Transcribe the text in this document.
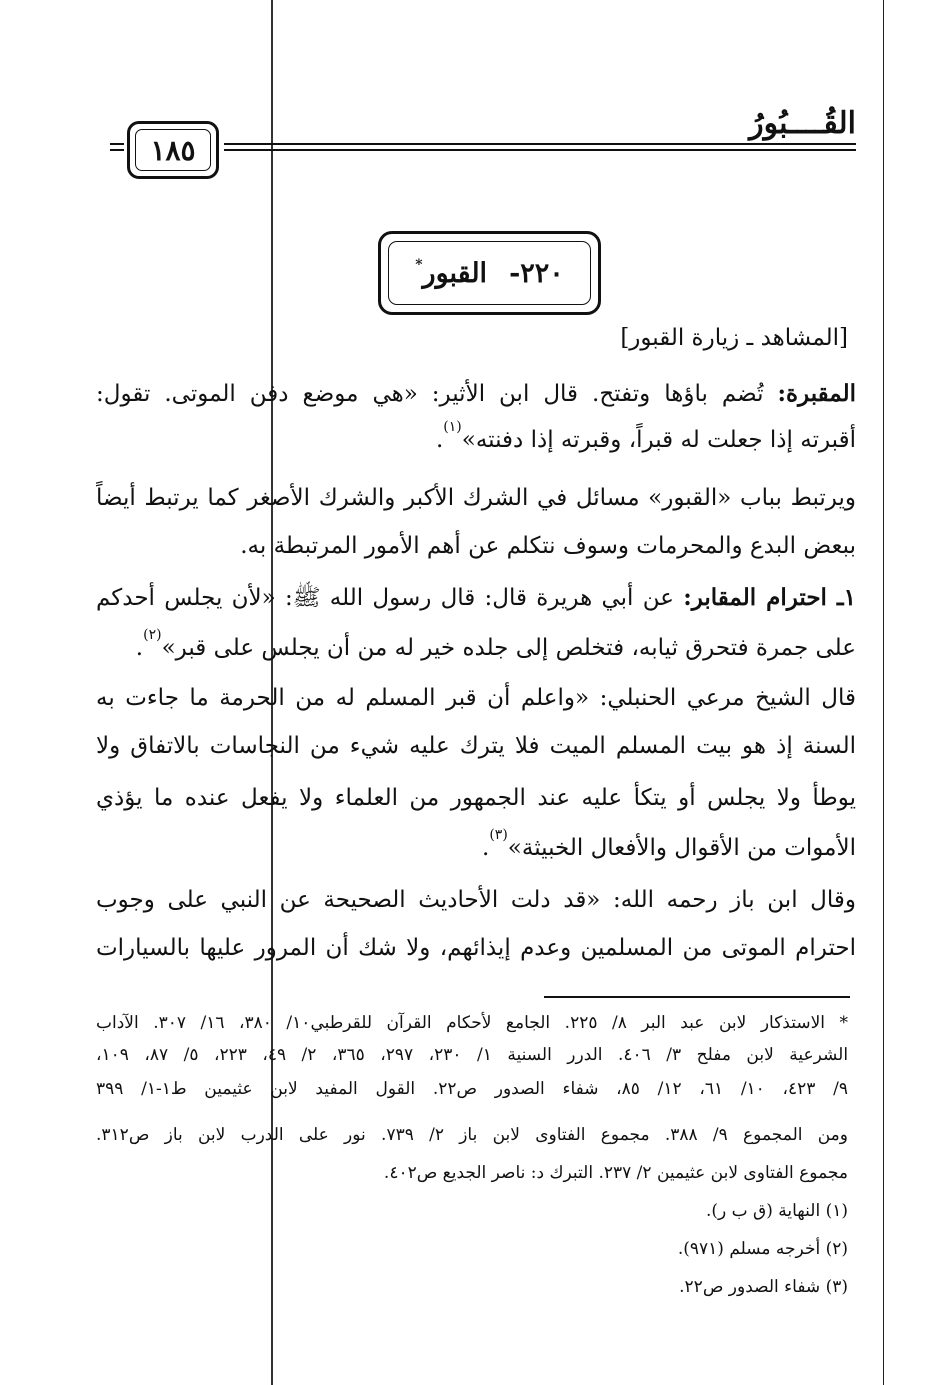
القُــــبُورُ
١٨٥
٢٢٠-
القبور*
[المشاهد ـ زيارة القبور]
المقبرة: تُضم باؤها وتفتح. قال ابن الأثير: «هي موضع دفن الموتى. تقول:
أقبرته إذا جعلت له قبراً، وقبرته إذا دفنته»$^{(١)}$.
ويرتبط بباب «القبور» مسائل في الشرك الأكبر والشرك الأصغر كما يرتبط أيضاً
ببعض البدع والمحرمات وسوف نتكلم عن أهم الأمور المرتبطة به.
١ـ احترام المقابر: عن أبي هريرة قال: قال رسول الله ﷺ: «لأن يجلس أحدكم
على جمرة فتحرق ثيابه، فتخلص إلى جلده خير له من أن يجلس على قبر»$^{(٢)}$.
قال الشيخ مرعي الحنبلي: «واعلم أن قبر المسلم له من الحرمة ما جاءت به
السنة إذ هو بيت المسلم الميت فلا يترك عليه شيء من النجاسات بالاتفاق ولا
يوطأ ولا يجلس أو يتكأ عليه عند الجمهور من العلماء ولا يفعل عنده ما يؤذي
الأموات من الأقوال والأفعال الخبيثة»$^{(٣)}$.
وقال ابن باز رحمه الله: «قد دلت الأحاديث الصحيحة عن النبي على وجوب
احترام الموتى من المسلمين وعدم إيذائهم، ولا شك أن المرور عليها بالسيارات
* الاستذكار لابن عبد البر ٨/ ٢٢٥. الجامع لأحكام القرآن للقرطبي١٠/ ٣٨٠، ١٦/ ٣٠٧. الآداب
الشرعية لابن مفلح ٣/ ٤٠٦. الدرر السنية ١/ ٢٣٠، ٢٩٧، ٣٦٥، ٢/ ٤٩، ٢٢٣، ٥/ ٨٧، ١٠٩،
٩/ ٤٢٣، ١٠/ ٦١، ١٢/ ٨٥، شفاء الصدور ص٢٢. القول المفيد لابن عثيمين ط١-١/ ٣٩٩
ومن المجموع ٩/ ٣٨٨. مجموع الفتاوى لابن باز ٢/ ٧٣٩. نور على الدرب لابن باز ص٣١٢.
مجموع الفتاوى لابن عثيمين ٢/ ٢٣٧. التبرك د: ناصر الجديع ص٤٠٢.
(١) النهاية (ق ب ر).
(٢) أخرجه مسلم (٩٧١).
(٣) شفاء الصدور ص٢٢.
